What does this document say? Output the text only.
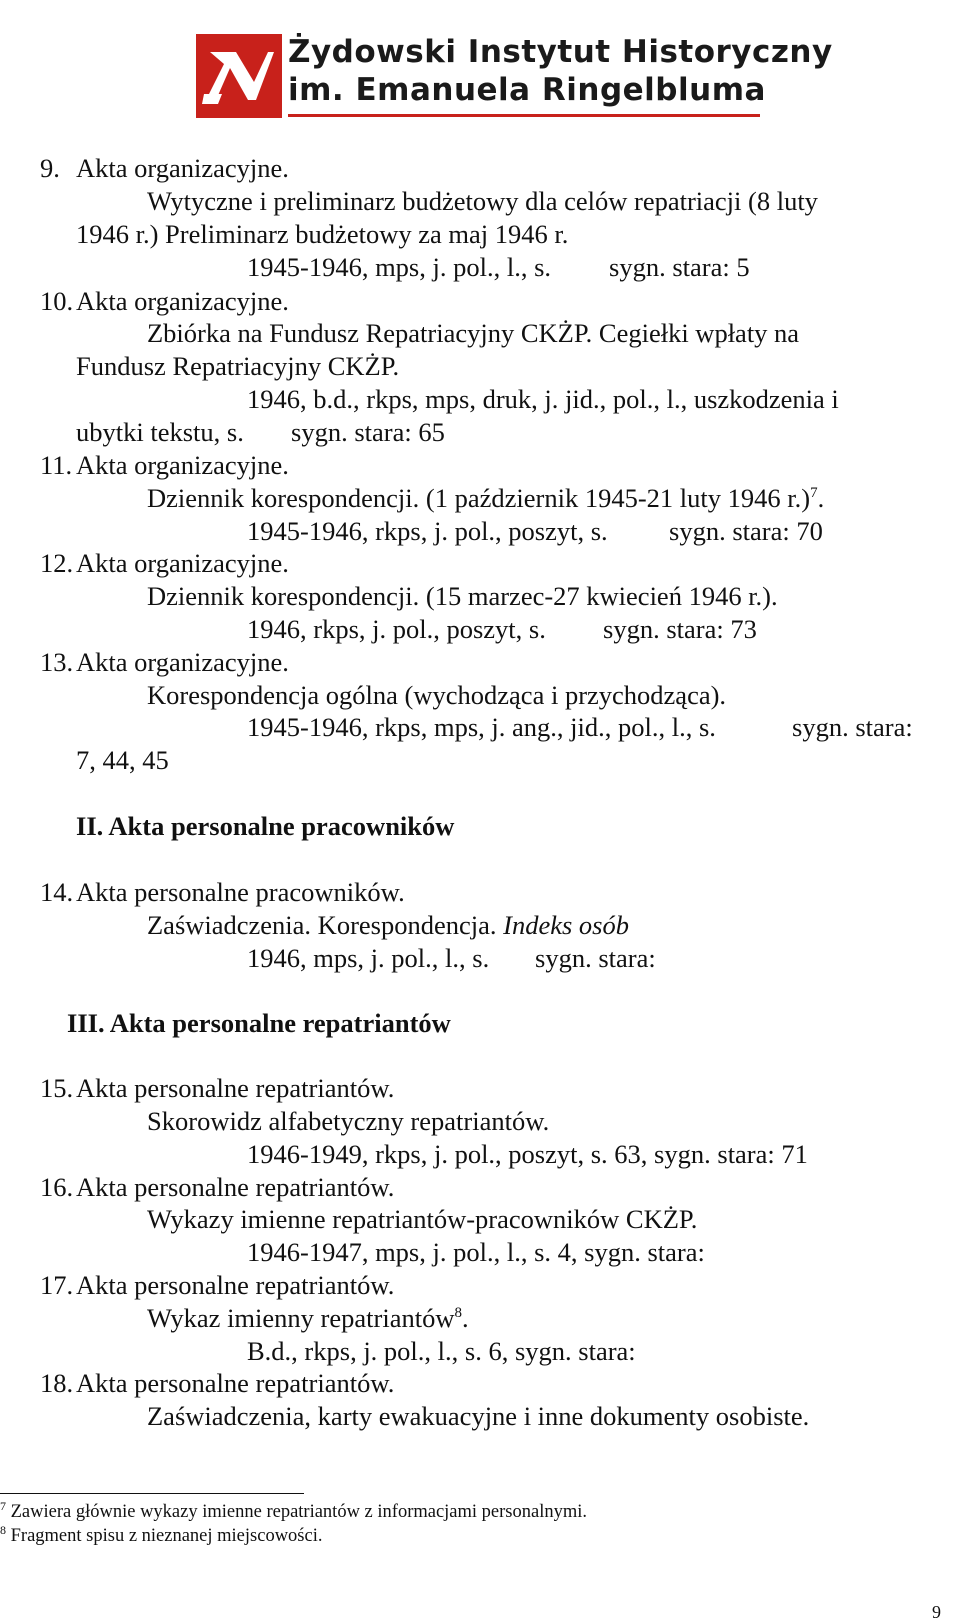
Żydowski Instytut Historyczny
im. Emanuela Ringelbluma
9. Akta organizacyjne.
Wytyczne i preliminarz budżetowy dla celów repatriacji (8 luty
1946 r.) Preliminarz budżetowy za maj 1946 r.
1945-1946, mps, j. pol., l., s. sygn. stara: 5
10. Akta organizacyjne.
Zbiórka na Fundusz Repatriacyjny CKŻP. Cegiełki wpłaty na
Fundusz Repatriacyjny CKŻP.
1946, b.d., rkps, mps, druk, j. jid., pol., l., uszkodzenia i
ubytki tekstu, s. sygn. stara: 65
11. Akta organizacyjne.
Dziennik korespondencji. (1 październik 1945-21 luty 1946 r.)$^7$.
1945-1946, rkps, j. pol., poszyt, s. sygn. stara: 70
12. Akta organizacyjne.
Dziennik korespondencji. (15 marzec-27 kwiecień 1946 r.).
1946, rkps, j. pol., poszyt, s. sygn. stara: 73
13. Akta organizacyjne.
Korespondencja ogólna (wychodząca i przychodząca).
1945-1946, rkps, mps, j. ang., jid., pol., l., s.	sygn. stara:
7, 44, 45
II. Akta personalne pracowników
14. Akta personalne pracowników.
Zaświadczenia. Korespondencja. Indeks osób
1946, mps, j. pol., l., s. sygn. stara:
III. Akta personalne repatriantów
15. Akta personalne repatriantów.
Skorowidz alfabetyczny repatriantów.
1946-1949, rkps, j. pol., poszyt, s. 63, sygn. stara: 71
16. Akta personalne repatriantów.
Wykazy imienne repatriantów-pracowników CKŻP.
1946-1947, mps, j. pol., l., s. 4, sygn. stara:
17. Akta personalne repatriantów.
Wykaz imienny repatriantów$^8$.
B.d., rkps, j. pol., l., s. 6, sygn. stara:
18. Akta personalne repatriantów.
Zaświadczenia, karty ewakuacyjne i inne dokumenty osobiste.
$^7$ Zawiera głównie wykazy imienne repatriantów z informacjami personalnymi.
$^8$ Fragment spisu z nieznanej miejscowości.
9
